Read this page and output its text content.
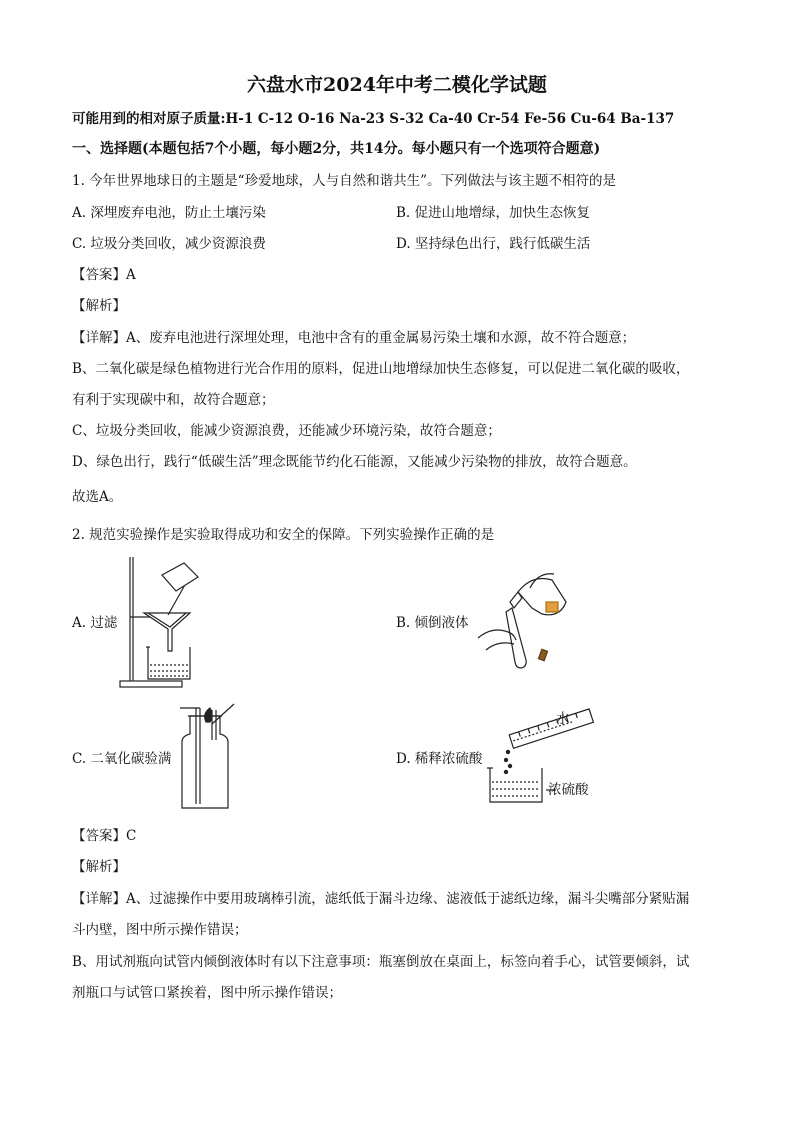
六盘水市2024年中考二模化学试题
可能用到的相对原子质量:H-1 C-12 O-16 Na-23 S-32 Ca-40 Cr-54 Fe-56 Cu-64 Ba-137
一、选择题(本题包括7个小题，每小题2分，共14分。每小题只有一个选项符合题意)
1. 今年世界地球日的主题是“珍爱地球，人与自然和谐共生”。下列做法与该主题不相符的是
A. 深埋废弃电池，防止土壤污染	B. 促进山地增绿，加快生态恢复
C. 垃圾分类回收，减少资源浪费	D. 坚持绿色出行，践行低碳生活
【答案】A
【解析】
【详解】A、废弃电池进行深埋处理，电池中含有的重金属易污染土壤和水源，故不符合题意；
B、二氧化碳是绿色植物进行光合作用的原料，促进山地增绿加快生态修复，可以促进二氧化碳的吸收，
有利于实现碳中和，故符合题意；
C、垃圾分类回收，能减少资源浪费，还能减少环境污染，故符合题意；
D、绿色出行，践行“低碳生活”理念既能节约化石能源，又能减少污染物的排放，故符合题意。
故选A。
2. 规范实验操作是实验取得成功和安全的保障。下列实验操作正确的是
A. 过滤	B. 倾倒液体
C. 二氧化碳验满	D. 稀释浓硫酸
水
浓硫酸
【答案】C
【解析】
【详解】A、过滤操作中要用玻璃棒引流，滤纸低于漏斗边缘、滤液低于滤纸边缘，漏斗尖嘴部分紧贴漏
斗内壁，图中所示操作错误；
B、用试剂瓶向试管内倾倒液体时有以下注意事项：瓶塞倒放在桌面上，标签向着手心，试管要倾斜，试
剂瓶口与试管口紧挨着，图中所示操作错误；
